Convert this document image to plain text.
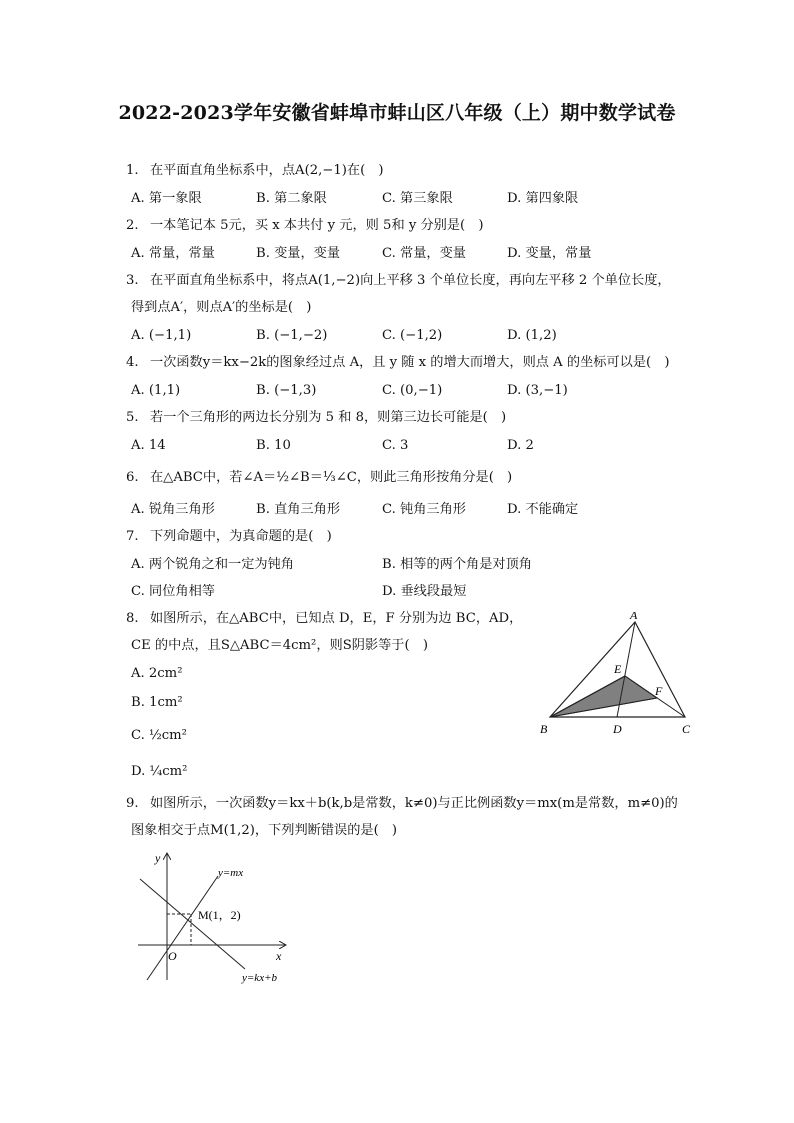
2022-2023学年安徽省蚌埠市蚌山区八年级（上）期中数学试卷
1. 在平面直角坐标系中，点A(2,−1)在(　)
A. 第一象限	B. 第二象限	C. 第三象限	D. 第四象限
2. 一本笔记本 5元，买 x 本共付 y 元，则 5和 y 分别是(　)
A. 常量，常量	B. 变量，变量	C. 常量，变量	D. 变量，常量
3. 在平面直角坐标系中，将点A(1,−2)向上平移 3 个单位长度，再向左平移 2 个单位长度，
得到点A′，则点A′的坐标是(　)
A. (−1,1)	B. (−1,−2)	C. (−1,2)	D. (1,2)
4. 一次函数y＝kx−2k的图象经过点 A，且 y 随 x 的增大而增大，则点 A 的坐标可以是(　)
A. (1,1)	B. (−1,3)	C. (0,−1)	D. (3,−1)
5. 若一个三角形的两边长分别为 5 和 8，则第三边长可能是(　)
A. 14	B. 10	C. 3	D. 2
6. 在△ABC中，若∠A＝½∠B＝⅓∠C，则此三角形按角分是(　)
A. 锐角三角形	B. 直角三角形	C. 钝角三角形	D. 不能确定
7. 下列命题中，为真命题的是(　)
A. 两个锐角之和一定为钝角	B. 相等的两个角是对顶角
C. 同位角相等	D. 垂线段最短
8. 如图所示，在△ABC中，已知点 D，E，F 分别为边 BC，AD，
CE 的中点，且S△ABC＝4cm²，则S阴影等于(　)
A. 2cm²
B. 1cm²
C. ½cm²
D. ¼cm²
A
B	C
D
E
F
9. 如图所示，一次函数y＝kx＋b(k,b是常数，k≠0)与正比例函数y＝mx(m是常数，m≠0)的
图象相交于点M(1,2)，下列判断错误的是(　)
y
x
O
M(1，2)
y=mx
y=kx+b
